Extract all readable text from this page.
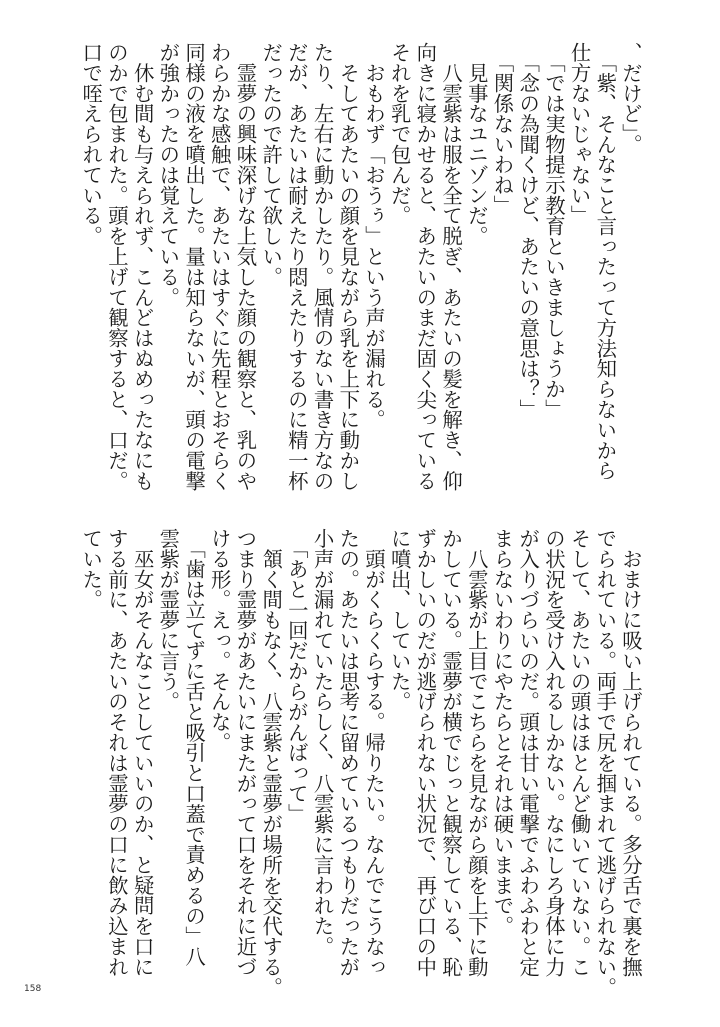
、だけど」。
　「紫、そんなこと言ったって方法知らないから
仕方ないじゃない」
　「では実物提示教育といきましょうか」
　「念の為聞くけど、あたいの意思は？」
　「関係ないわね」
　見事なユニゾンだ。
　八雲紫は服を全て脱ぎ、あたいの髪を解き、仰
向きに寝かせると、あたいのまだ固く尖っている
それを乳で包んだ。
　おもわず「おうぅ」という声が漏れる。
　そしてあたいの顔を見ながら乳を上下に動かし
たり、左右に動かしたり。風情のない書き方なの
だが、あたいは耐えたり悶えたりするのに精一杯
だったので許して欲しい。
　霊夢の興味深げな上気した顔の観察と、乳のや
わらかな感触で、あたいはすぐに先程とおそらく
同様の液を噴出した。量は知らないが、頭の電撃
が強かったのは覚えている。
　休む間も与えられず、こんどはぬめったなにも
のかで包まれた。頭を上げて観察すると、口だ。
口で咥えられている。
　おまけに吸い上げられている。多分舌で裏を撫
でられている。両手で尻を掴まれて逃げられない。
そして、あたいの頭はほとんど働いていない。こ
の状況を受け入れるしかない。なにしろ身体に力
が入りづらいのだ。頭は甘い電撃でふわふわと定
まらないわりにやたらとそれは硬いままで。
　八雲紫が上目でこちらを見ながら顔を上下に動
かしている。霊夢が横でじっと観察している、恥
ずかしいのだが逃げられない状況で、再び口の中
に噴出、していた。
　頭がくらくらする。帰りたい。なんでこうなっ
たの。あたいは思考に留めているつもりだったが
小声が漏れていたらしく、八雲紫に言われた。
　「あと一回だからがんばって」
　頷く間もなく、八雲紫と霊夢が場所を交代する。
つまり霊夢があたいにまたがって口をそれに近づ
ける形。えっ。そんな。
　「歯は立てずに舌と吸引と口蓋で責めるの」八
雲紫が霊夢に言う。
　巫女がそんなことしていいのか、と疑問を口に
する前に、あたいのそれは霊夢の口に飲み込まれ
ていた。
158
